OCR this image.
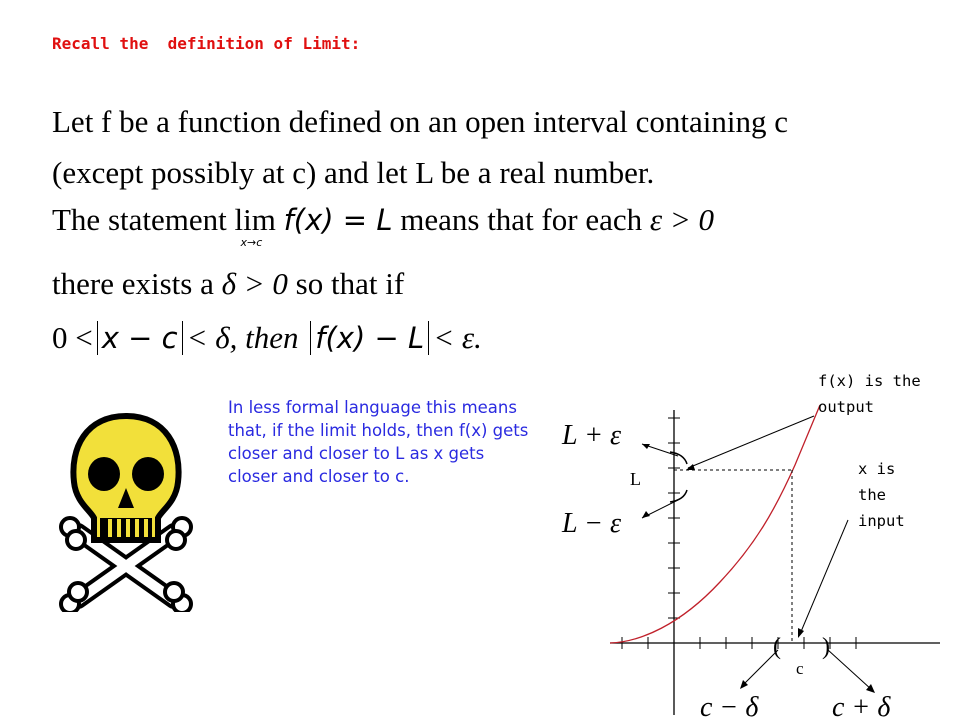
Recall the  definition of Limit:
Let f be a function defined on an open interval containing c
(except possibly at c) and let L be a real number.
The statement lim
x→c
f(x) = L means that for each ε > 0
there exists a δ > 0 so that if
0 < x − c < δ, then f(x) − L < ε.
In less formal language this means that, if the limit holds, then f(x) gets closer and closer to L as x gets closer and closer to c.	L
L + ε
L − ε
( )
c
c − δ	c + δ
f(x) is the
output
x is
the
input
